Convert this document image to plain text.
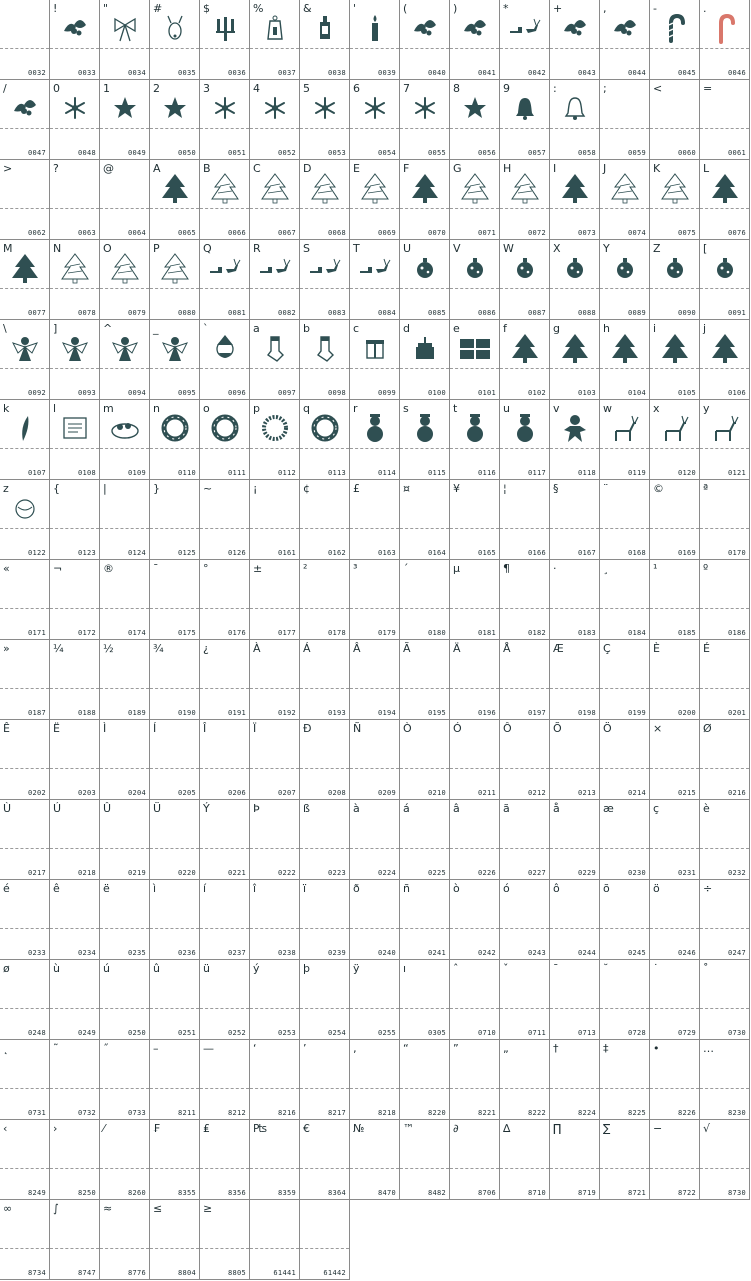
0032
!
0033
"
0034
#
0035
$
0036
%
0037
&
0038
'
0039
(
0040
)
0041
*
0042
+
0043
,
0044
-
0045
.
0046
/
0047
0
0048
1
0049
2
0050
3
0051
4
0052
5
0053
6
0054
7
0055
8
0056
9
0057
:
0058
;
0059
<
0060
=
0061
>
0062
?
0063
@
0064
A
0065
B
0066
C
0067
D
0068
E
0069
F
0070
G
0071
H
0072
I
0073
J
0074
K
0075
L
0076
M
0077
N
0078
O
0079
P
0080
Q
0081
R
0082
S
0083
T
0084
U
0085
V
0086
W
0087
X
0088
Y
0089
Z
0090
[
0091
\
0092
]
0093
^
0094
_
0095
`
0096
a
0097
b
0098
c
0099
d
0100
e
0101
f
0102
g
0103
h
0104
i
0105
j
0106
k
0107
l
0108
m
0109
n
0110
o
0111
p
0112
q
0113
r
0114
s
0115
t
0116
u
0117
v
0118
w
0119
x
0120
y
0121
z
0122
{
0123
|
0124
}
0125
~
0126
¡
0161
¢
0162
£
0163
¤
0164
¥
0165
¦
0166
§
0167
¨
0168
©
0169
ª
0170
«
0171
¬
0172
®
0174
¯
0175
°
0176
±
0177
²
0178
³
0179
´
0180
µ
0181
¶
0182
·
0183
¸
0184
¹
0185
º
0186
»
0187
¼
0188
½
0189
¾
0190
¿
0191
À
0192
Á
0193
Â
0194
Ã
0195
Ä
0196
Å
0197
Æ
0198
Ç
0199
È
0200
É
0201
Ê
0202
Ë
0203
Ì
0204
Í
0205
Î
0206
Ï
0207
Ð
0208
Ñ
0209
Ò
0210
Ó
0211
Ô
0212
Õ
0213
Ö
0214
×
0215
Ø
0216
Ù
0217
Ú
0218
Û
0219
Ü
0220
Ý
0221
Þ
0222
ß
0223
à
0224
á
0225
â
0226
ã
0227
å
0229
æ
0230
ç
0231
è
0232
é
0233
ê
0234
ë
0235
ì
0236
í
0237
î
0238
ï
0239
ð
0240
ñ
0241
ò
0242
ó
0243
ô
0244
õ
0245
ö
0246
÷
0247
ø
0248
ù
0249
ú
0250
û
0251
ü
0252
ý
0253
þ
0254
ÿ
0255
ı
0305
ˆ
0710
ˇ
0711
ˉ
0713
˘
0728
˙
0729
˚
0730
˛
0731
˜
0732
˝
0733
–
8211
—
8212
‘
8216
’
8217
‚
8218
“
8220
”
8221
„
8222
†
8224
‡
8225
•
8226
…
8230
‹
8249
›
8250
⁄
8260
₣
8355
₤
8356
₧
8359
€
8364
№
8470
™
8482
∂
8706
∆
8710
∏
8719
∑
8721
−
8722
√
8730
∞
8734
∫
8747
≈
8776
≤
8804
≥
8805	61441	61442
